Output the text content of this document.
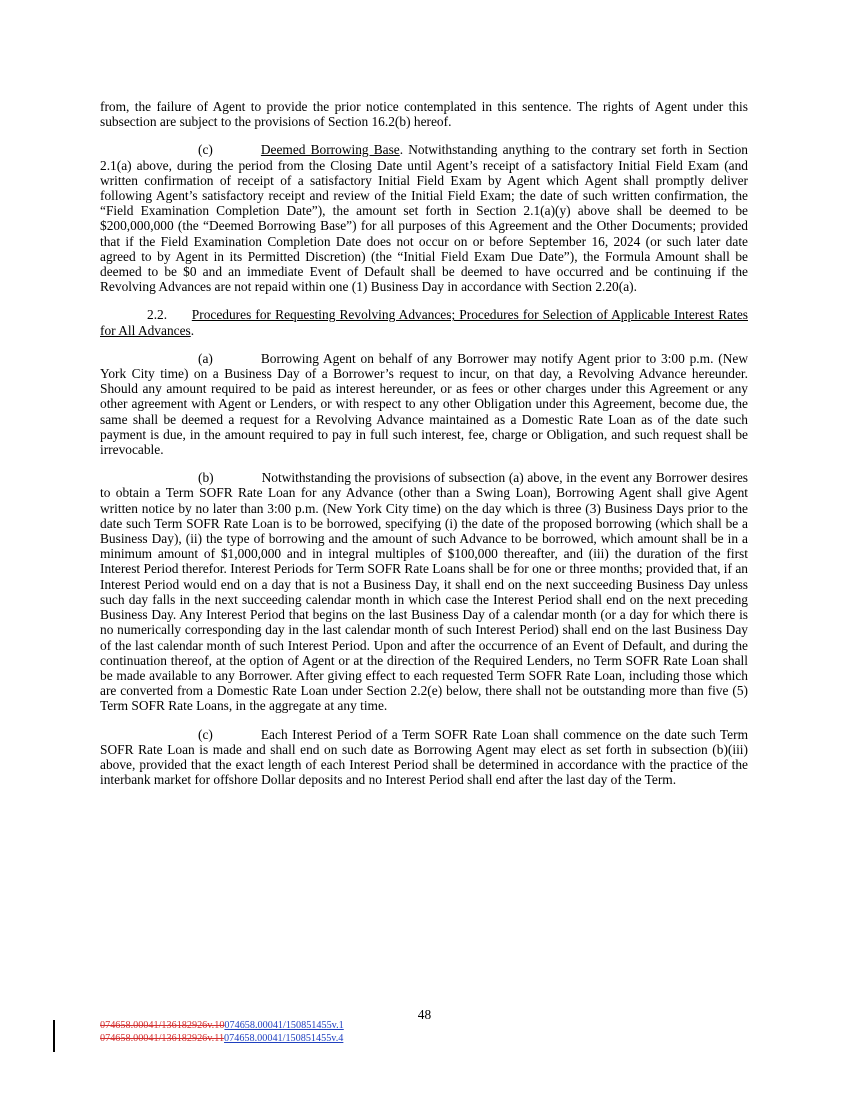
from, the failure of Agent to provide the prior notice contemplated in this sentence. The rights of Agent under this subsection are subject to the provisions of Section 16.2(b) hereof.

(c)	Deemed Borrowing Base. Notwithstanding anything to the contrary set forth in Section 2.1(a) above, during the period from the Closing Date until Agent’s receipt of a satisfactory Initial Field Exam (and written confirmation of receipt of a satisfactory Initial Field Exam by Agent which Agent shall promptly deliver following Agent’s satisfactory receipt and review of the Initial Field Exam; the date of such written confirmation, the “Field Examination Completion Date”), the amount set forth in Section 2.1(a)(y) above shall be deemed to be $200,000,000 (the “Deemed Borrowing Base”) for all purposes of this Agreement and the Other Documents; provided that if the Field Examination Completion Date does not occur on or before September 16, 2024 (or such later date agreed to by Agent in its Permitted Discretion) (the “Initial Field Exam Due Date”), the Formula Amount shall be deemed to be $0 and an immediate Event of Default shall be deemed to have occurred and be continuing if the Revolving Advances are not repaid within one (1) Business Day in accordance with Section 2.20(a).

2.2. Procedures for Requesting Revolving Advances; Procedures for Selection of Applicable Interest Rates for All Advances.

(a)	Borrowing Agent on behalf of any Borrower may notify Agent prior to 3:00 p.m. (New York City time) on a Business Day of a Borrower’s request to incur, on that day, a Revolving Advance hereunder. Should any amount required to be paid as interest hereunder, or as fees or other charges under this Agreement or any other agreement with Agent or Lenders, or with respect to any other Obligation under this Agreement, become due, the same shall be deemed a request for a Revolving Advance maintained as a Domestic Rate Loan as of the date such payment is due, in the amount required to pay in full such interest, fee, charge or Obligation, and such request shall be irrevocable.

(b)	Notwithstanding the provisions of subsection (a) above, in the event any Borrower desires to obtain a Term SOFR Rate Loan for any Advance (other than a Swing Loan), Borrowing Agent shall give Agent written notice by no later than 3:00 p.m. (New York City time) on the day which is three (3) Business Days prior to the date such Term SOFR Rate Loan is to be borrowed, specifying (i) the date of the proposed borrowing (which shall be a Business Day), (ii) the type of borrowing and the amount of such Advance to be borrowed, which amount shall be in a minimum amount of $1,000,000 and in integral multiples of $100,000 thereafter, and (iii) the duration of the first Interest Period therefor. Interest Periods for Term SOFR Rate Loans shall be for one or three months; provided that, if an Interest Period would end on a day that is not a Business Day, it shall end on the next succeeding Business Day unless such day falls in the next succeeding calendar month in which case the Interest Period shall end on the next preceding Business Day. Any Interest Period that begins on the last Business Day of a calendar month (or a day for which there is no numerically corresponding day in the last calendar month of such Interest Period) shall end on the last Business Day of the last calendar month of such Interest Period. Upon and after the occurrence of an Event of Default, and during the continuation thereof, at the option of Agent or at the direction of the Required Lenders, no Term SOFR Rate Loan shall be made available to any Borrower. After giving effect to each requested Term SOFR Rate Loan, including those which are converted from a Domestic Rate Loan under Section 2.2(e) below, there shall not be outstanding more than five (5) Term SOFR Rate Loans, in the aggregate at any time.

(c)	Each Interest Period of a Term SOFR Rate Loan shall commence on the date such Term SOFR Rate Loan is made and shall end on such date as Borrowing Agent may elect as set forth in subsection (b)(iii) above, provided that the exact length of each Interest Period shall be determined in accordance with the practice of the interbank market for offshore Dollar deposits and no Interest Period shall end after the last day of the Term.

48
074658.00041/136182926v.10074658.00041/150851455v.1
074658.00041/136182926v.11074658.00041/150851455v.4
